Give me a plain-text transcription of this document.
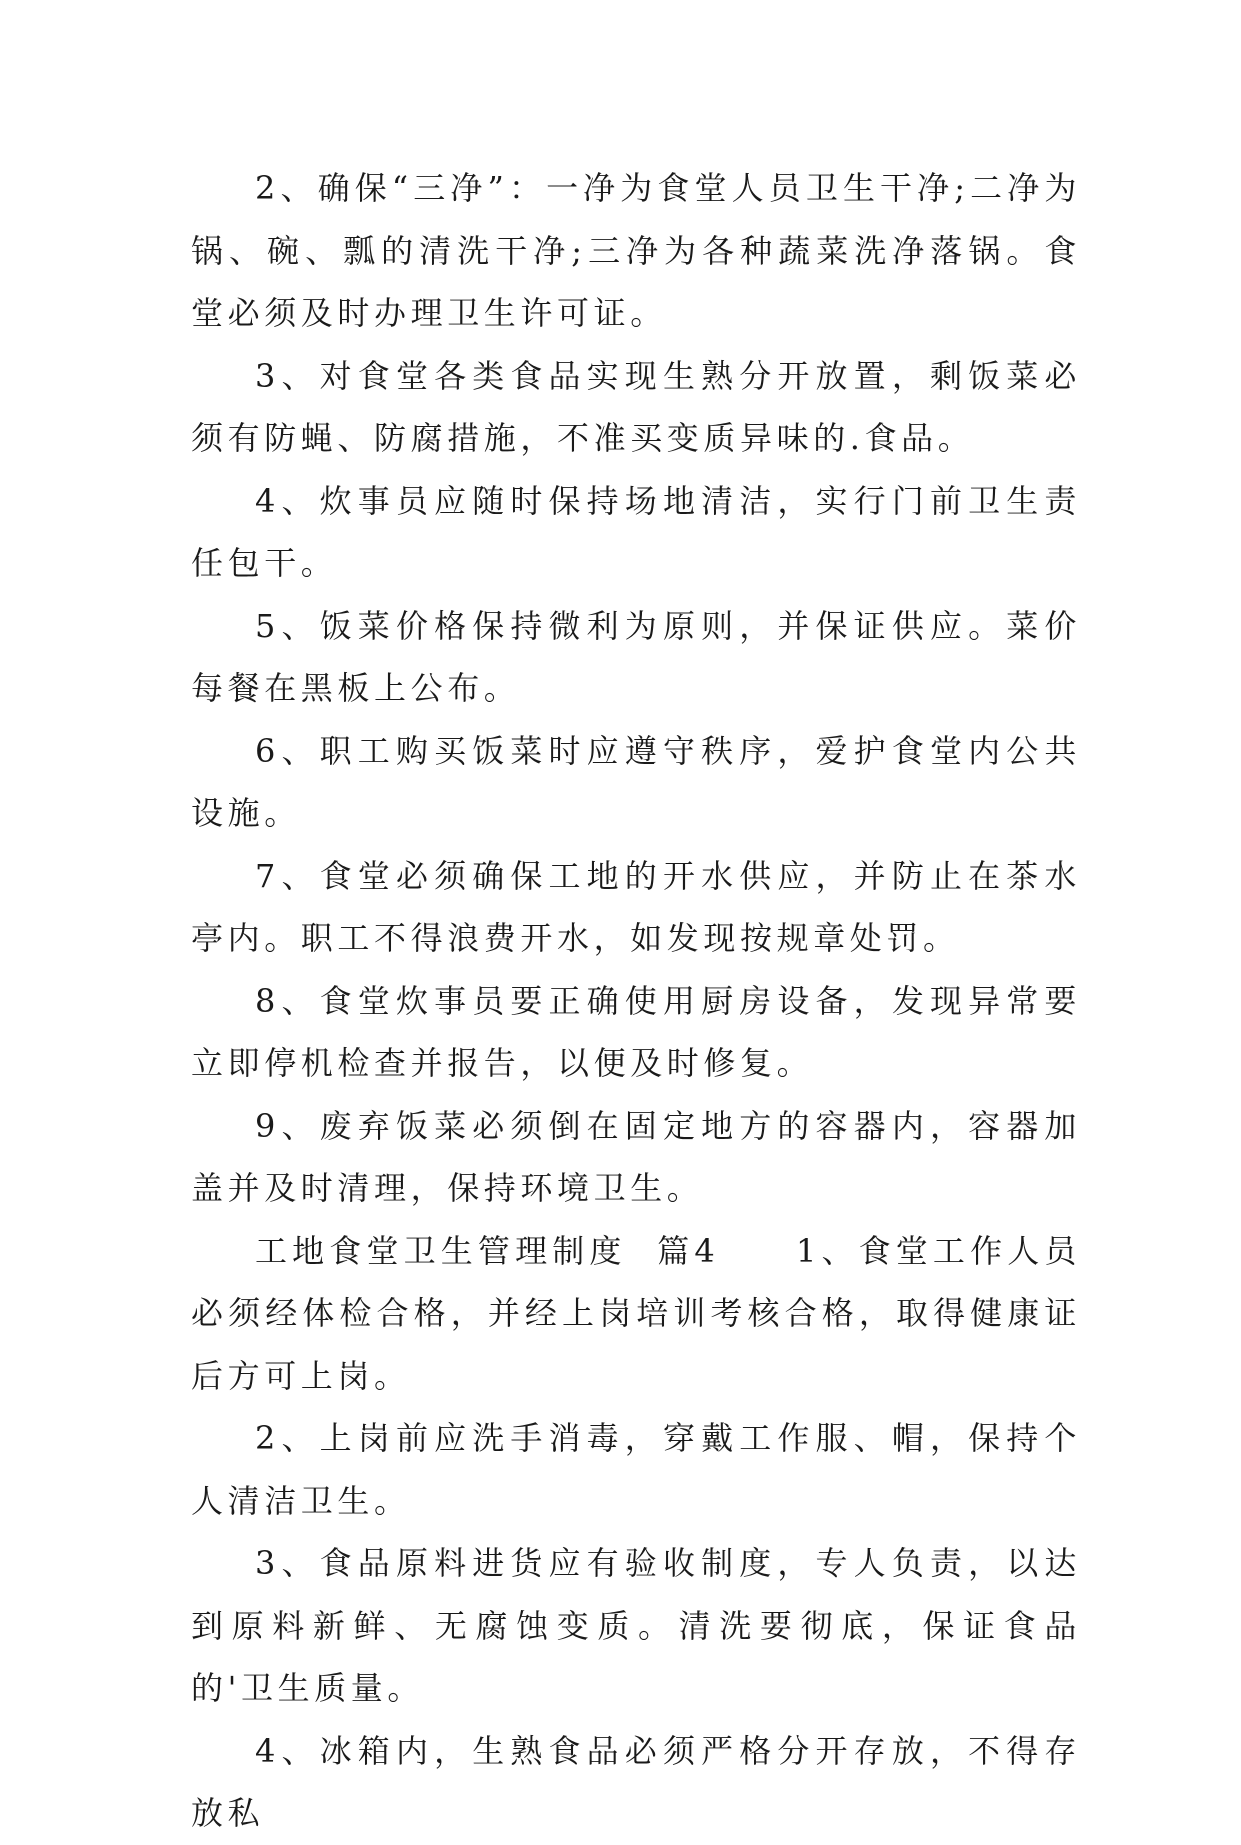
2、确保“三净”：一净为食堂人员卫生干净;二净为锅、碗、瓢的清洗干净;三净为各种蔬菜洗净落锅。食堂必须及时办理卫生许可证。

3、对食堂各类食品实现生熟分开放置，剩饭菜必须有防蝇、防腐措施，不准买变质异味的.食品。

4、炊事员应随时保持场地清洁，实行门前卫生责任包干。

5、饭菜价格保持微利为原则，并保证供应。菜价每餐在黑板上公布。

6、职工购买饭菜时应遵守秩序，爱护食堂内公共设施。

7、食堂必须确保工地的开水供应，并防止在茶水亭内。职工不得浪费开水，如发现按规章处罚。

8、食堂炊事员要正确使用厨房设备，发现异常要立即停机检查并报告，以便及时修复。

9、废弃饭菜必须倒在固定地方的容器内，容器加盖并及时清理，保持环境卫生。

工地食堂卫生管理制度  篇4     1、食堂工作人员必须经体检合格，并经上岗培训考核合格，取得健康证后方可上岗。

2、上岗前应洗手消毒，穿戴工作服、帽，保持个人清洁卫生。

3、食品原料进货应有验收制度，专人负责，以达到原料新鲜、无腐蚀变质。清洗要彻底，保证食品的'卫生质量。

4、冰箱内，生熟食品必须严格分开存放，不得存放私
